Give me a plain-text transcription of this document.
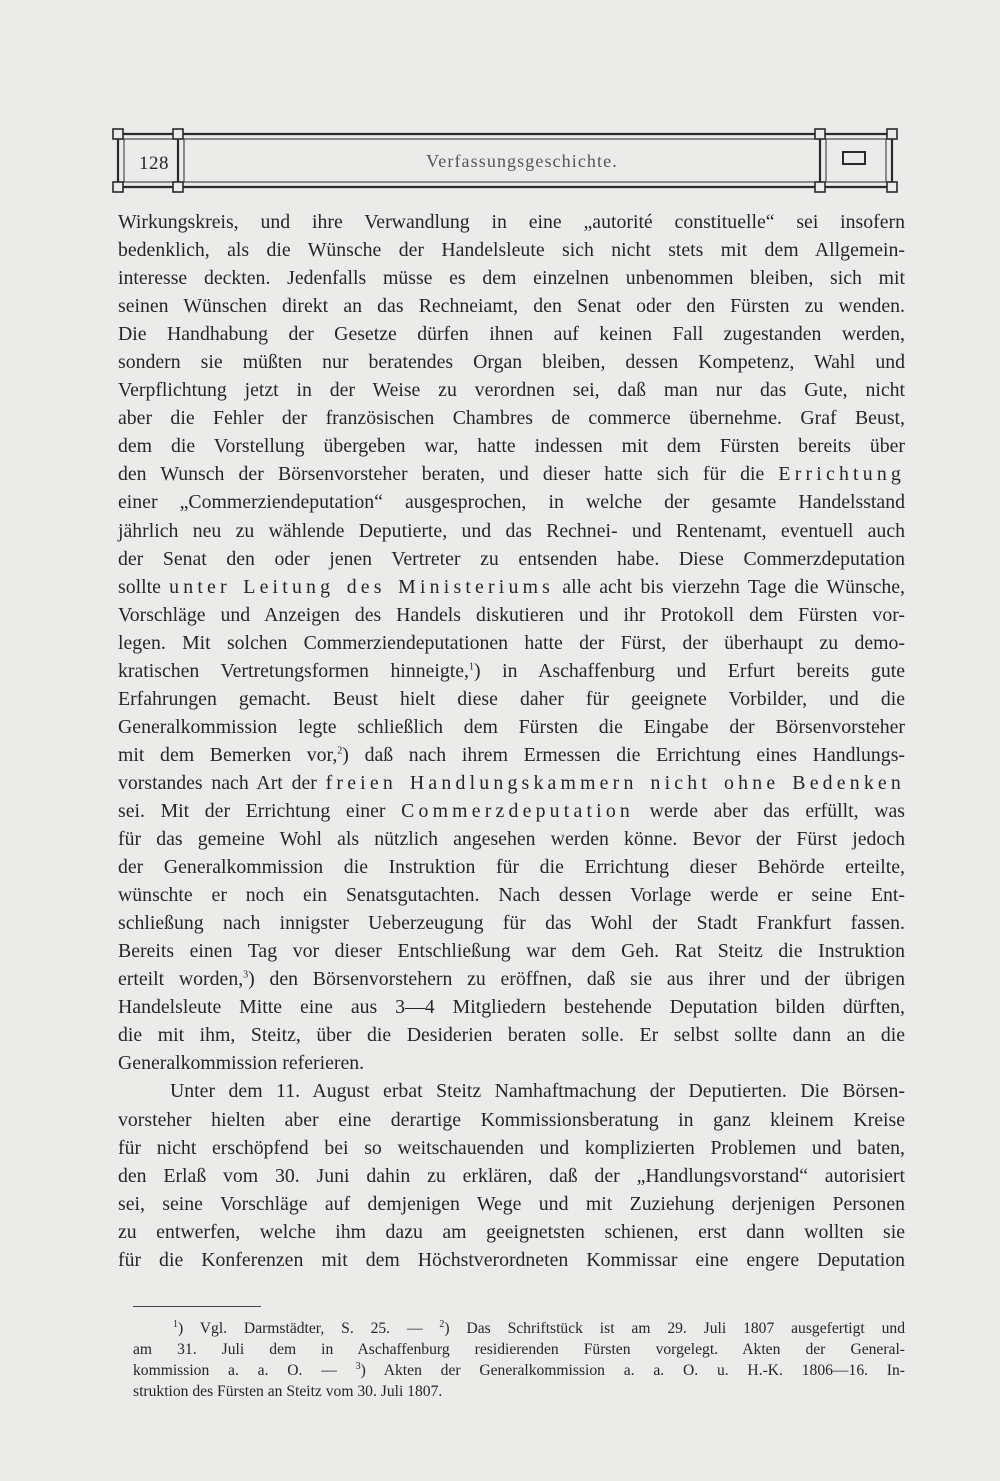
128	Verfassungsgeschichte.
Wirkungskreis, und ihre Verwandlung in eine „autorité constituelle“ sei insofern
bedenklich, als die Wünsche der Handelsleute sich nicht stets mit dem Allgemein-
interesse deckten. Jedenfalls müsse es dem einzelnen unbenommen bleiben, sich mit
seinen Wünschen direkt an das Rechneiamt, den Senat oder den Fürsten zu wenden.
Die Handhabung der Gesetze dürfen ihnen auf keinen Fall zugestanden werden,
sondern sie müßten nur beratendes Organ bleiben, dessen Kompetenz, Wahl und
Verpflichtung jetzt in der Weise zu verordnen sei, daß man nur das Gute, nicht
aber die Fehler der französischen Chambres de commerce übernehme. Graf Beust,
dem die Vorstellung übergeben war, hatte indessen mit dem Fürsten bereits über
den Wunsch der Börsenvorsteher beraten, und dieser hatte sich für die Errichtung
einer „Commerziendeputation“ ausgesprochen, in welche der gesamte Handelsstand
jährlich neu zu wählende Deputierte, und das Rechnei- und Rentenamt, eventuell auch
der Senat den oder jenen Vertreter zu entsenden habe. Diese Commerzdeputation
sollte unter Leitung des Ministeriums alle acht bis vierzehn Tage die Wünsche,
Vorschläge und Anzeigen des Handels diskutieren und ihr Protokoll dem Fürsten vor-
legen. Mit solchen Commerziendeputationen hatte der Fürst, der überhaupt zu demo-
kratischen Vertretungsformen hinneigte,$^1$) in Aschaffenburg und Erfurt bereits gute
Erfahrungen gemacht. Beust hielt diese daher für geeignete Vorbilder, und die
Generalkommission legte schließlich dem Fürsten die Eingabe der Börsenvorsteher
mit dem Bemerken vor,$^2$) daß nach ihrem Ermessen die Errichtung eines Handlungs-
vorstandes nach Art der freien Handlungskammern nicht ohne Bedenken
sei. Mit der Errichtung einer Commerzdeputation werde aber das erfüllt, was
für das gemeine Wohl als nützlich angesehen werden könne. Bevor der Fürst jedoch
der Generalkommission die Instruktion für die Errichtung dieser Behörde erteilte,
wünschte er noch ein Senatsgutachten. Nach dessen Vorlage werde er seine Ent-
schließung nach innigster Ueberzeugung für das Wohl der Stadt Frankfurt fassen.
Bereits einen Tag vor dieser Entschließung war dem Geh. Rat Steitz die Instruktion
erteilt worden,$^3$) den Börsenvorstehern zu eröffnen, daß sie aus ihrer und der übrigen
Handelsleute Mitte eine aus 3—4 Mitgliedern bestehende Deputation bilden dürften,
die mit ihm, Steitz, über die Desiderien beraten solle. Er selbst sollte dann an die
Generalkommission referieren.
Unter dem 11. August erbat Steitz Namhaftmachung der Deputierten. Die Börsen-
vorsteher hielten aber eine derartige Kommissionsberatung in ganz kleinem Kreise
für nicht erschöpfend bei so weitschauenden und komplizierten Problemen und baten,
den Erlaß vom 30. Juni dahin zu erklären, daß der „Handlungsvorstand“ autorisiert
sei, seine Vorschläge auf demjenigen Wege und mit Zuziehung derjenigen Personen
zu entwerfen, welche ihm dazu am geeignetsten schienen, erst dann wollten sie
für die Konferenzen mit dem Höchstverordneten Kommissar eine engere Deputation
$^1$) Vgl. Darmstädter, S. 25. — $^2$) Das Schriftstück ist am 29. Juli 1807 ausgefertigt und
am 31. Juli dem in Aschaffenburg residierenden Fürsten vorgelegt. Akten der General-
kommission a. a. O. — $^3$) Akten der Generalkommission a. a. O. u. H.-K. 1806—16. In-
struktion des Fürsten an Steitz vom 30. Juli 1807.
